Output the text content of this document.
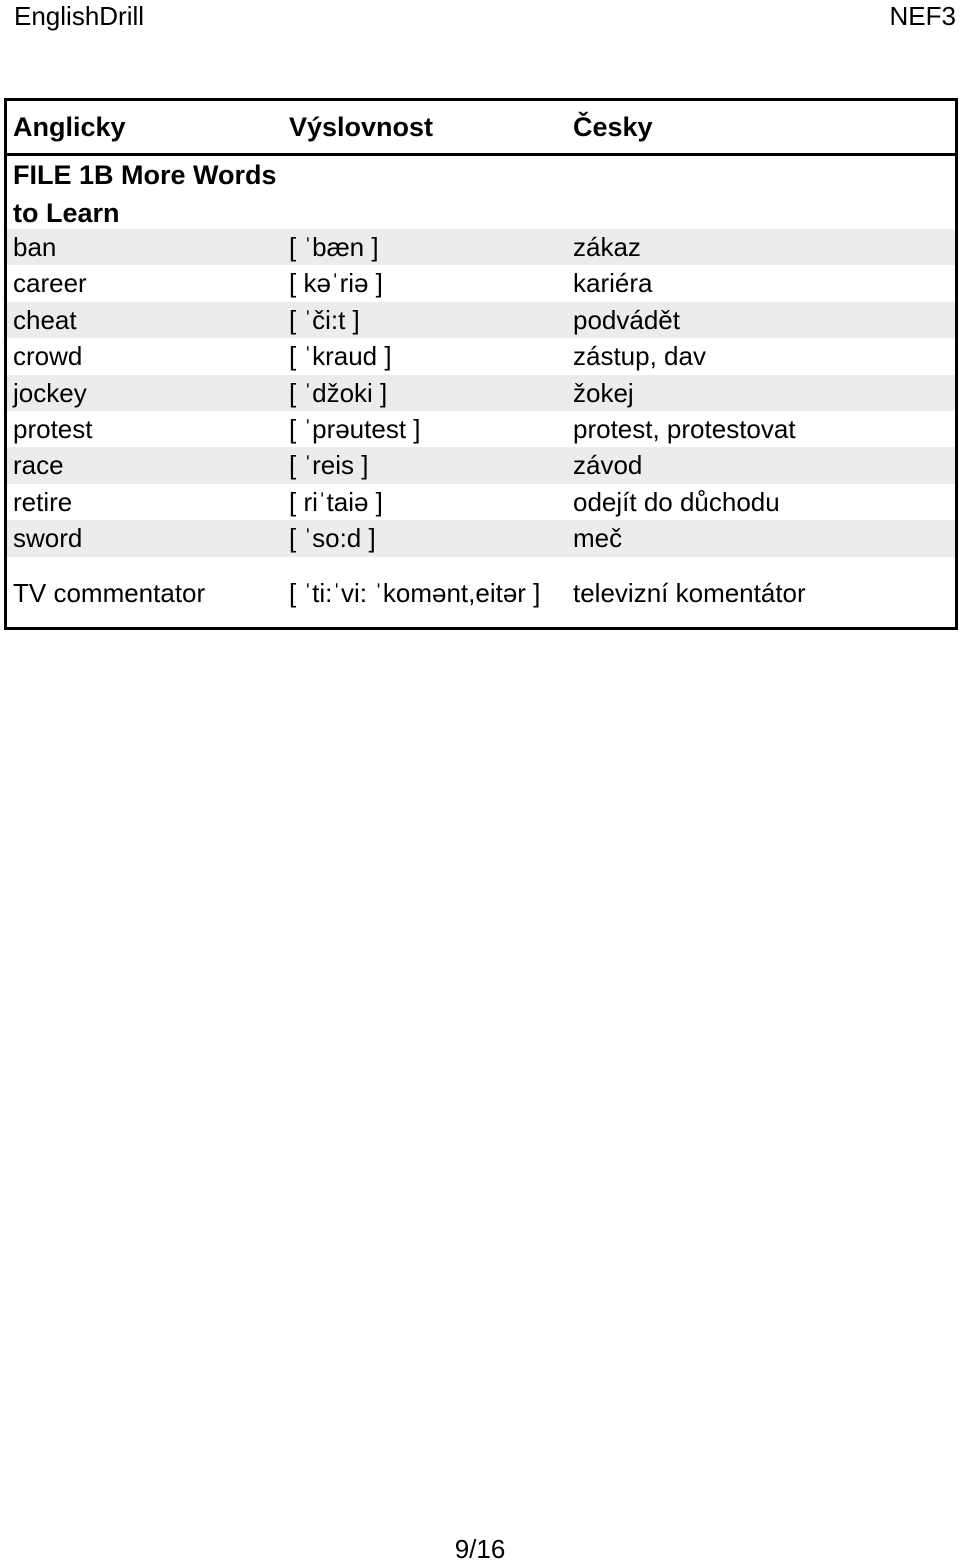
EnglishDrill	NEF3
Anglicky	Výslovnost	Česky
FILE 1B More Words to Learn
ban	[ ˈbæn ]	zákaz
career	[ kəˈriə ]	kariéra
cheat	[ ˈči:t ]	podvádět
crowd	[ ˈkraud ]	zástup, dav
jockey	[ ˈdžoki ]	žokej
protest	[ ˈprəutest ]	protest, protestovat
race	[ ˈreis ]	závod
retire	[ riˈtaiə ]	odejít do důchodu
sword	[ ˈso:d ]	meč
TV commentator	[ ˈti:ˈvi: ˈkomənt,eitər ] televizní komentátor
9/16
